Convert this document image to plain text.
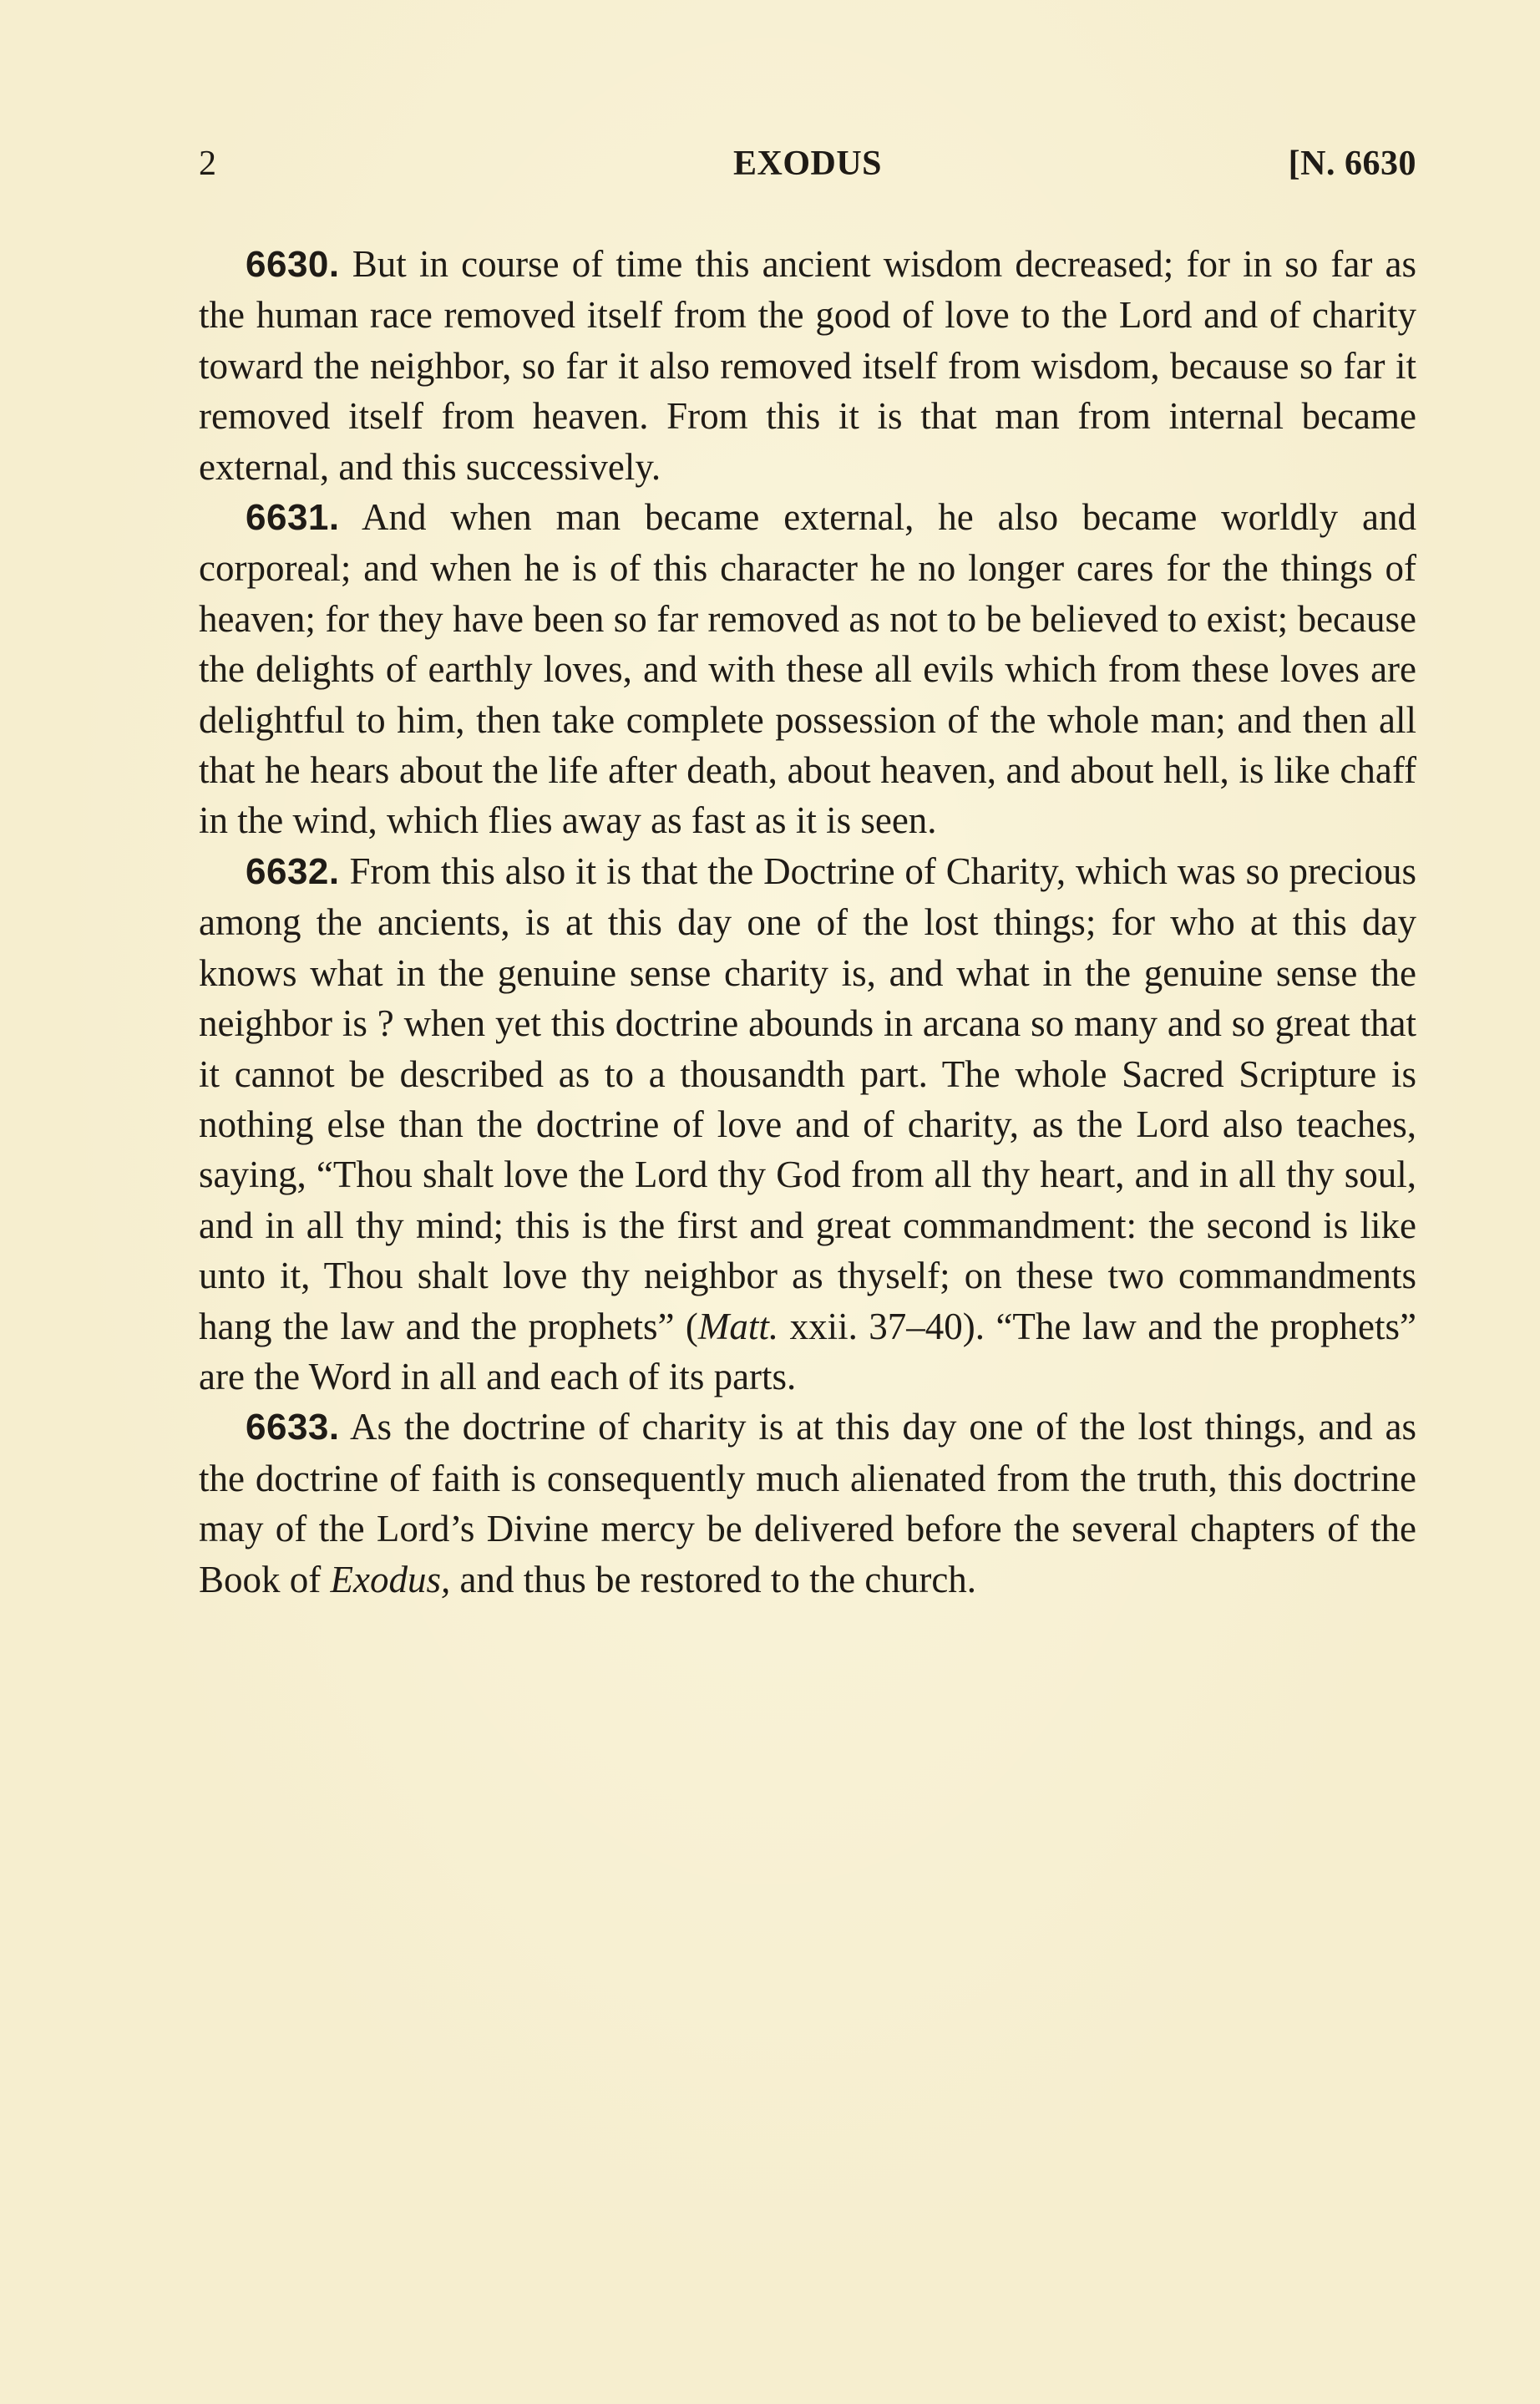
2	EXODUS	[N. 6630

6630. But in course of time this ancient wisdom decreased; for in so far as the human race removed itself from the good of love to the Lord and of charity toward the neighbor, so far it also removed itself from wisdom, because so far it removed itself from heaven. From this it is that man from internal became external, and this successively.

6631. And when man became external, he also became worldly and corporeal; and when he is of this character he no longer cares for the things of heaven; for they have been so far removed as not to be believed to exist; because the delights of earthly loves, and with these all evils which from these loves are delightful to him, then take complete possession of the whole man; and then all that he hears about the life after death, about heaven, and about hell, is like chaff in the wind, which flies away as fast as it is seen.

6632. From this also it is that the Doctrine of Charity, which was so precious among the ancients, is at this day one of the lost things; for who at this day knows what in the genuine sense charity is, and what in the genuine sense the neighbor is ? when yet this doctrine abounds in arcana so many and so great that it cannot be described as to a thousandth part. The whole Sacred Scripture is nothing else than the doctrine of love and of charity, as the Lord also teaches, saying, “Thou shalt love the Lord thy God from all thy heart, and in all thy soul, and in all thy mind; this is the first and great commandment: the second is like unto it, Thou shalt love thy neighbor as thyself; on these two commandments hang the law and the prophets” (Matt. xxii. 37–40). “The law and the prophets” are the Word in all and each of its parts.

6633. As the doctrine of charity is at this day one of the lost things, and as the doctrine of faith is consequently much alienated from the truth, this doctrine may of the Lord’s Divine mercy be delivered before the several chapters of the Book of Exodus, and thus be restored to the church.
